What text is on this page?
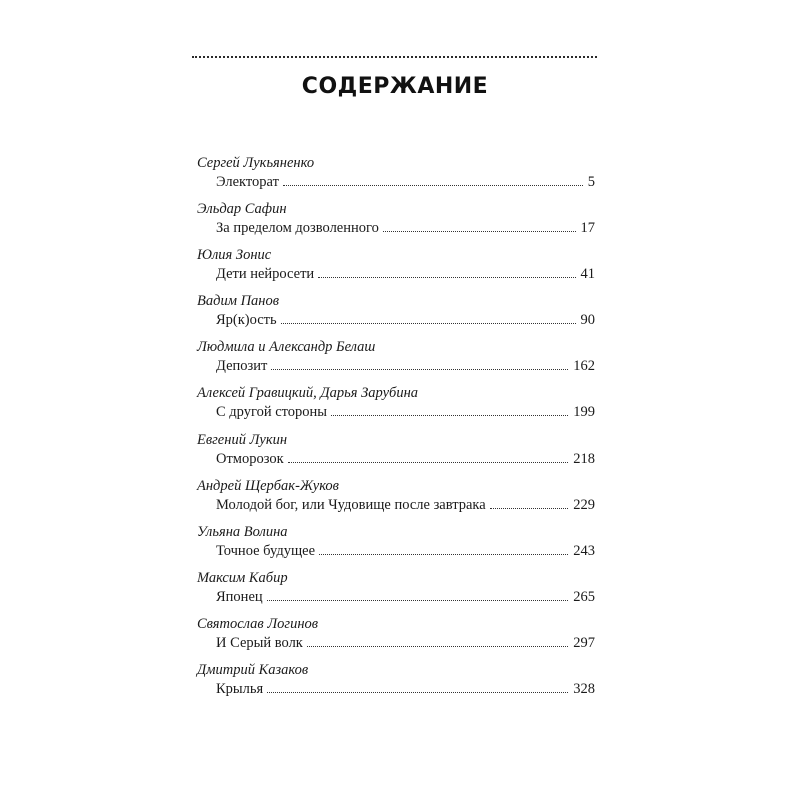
СОДЕРЖАНИЕ
Сергей Лукьяненко
Электорат	5
Эльдар Сафин
За пределом дозволенного	17
Юлия Зонис
Дети нейросети	41
Вадим Панов
Яр(к)ость	90
Людмила и Александр Белаш
Депозит	162
Алексей Гравицкий, Дарья Зарубина
С другой стороны	199
Евгений Лукин
Отморозок	218
Андрей Щербак-Жуков
Молодой бог, или Чудовище после завтрака	229
Ульяна Волина
Точное будущее	243
Максим Кабир
Японец	265
Святослав Логинов
И Серый волк	297
Дмитрий Казаков
Крылья	328
